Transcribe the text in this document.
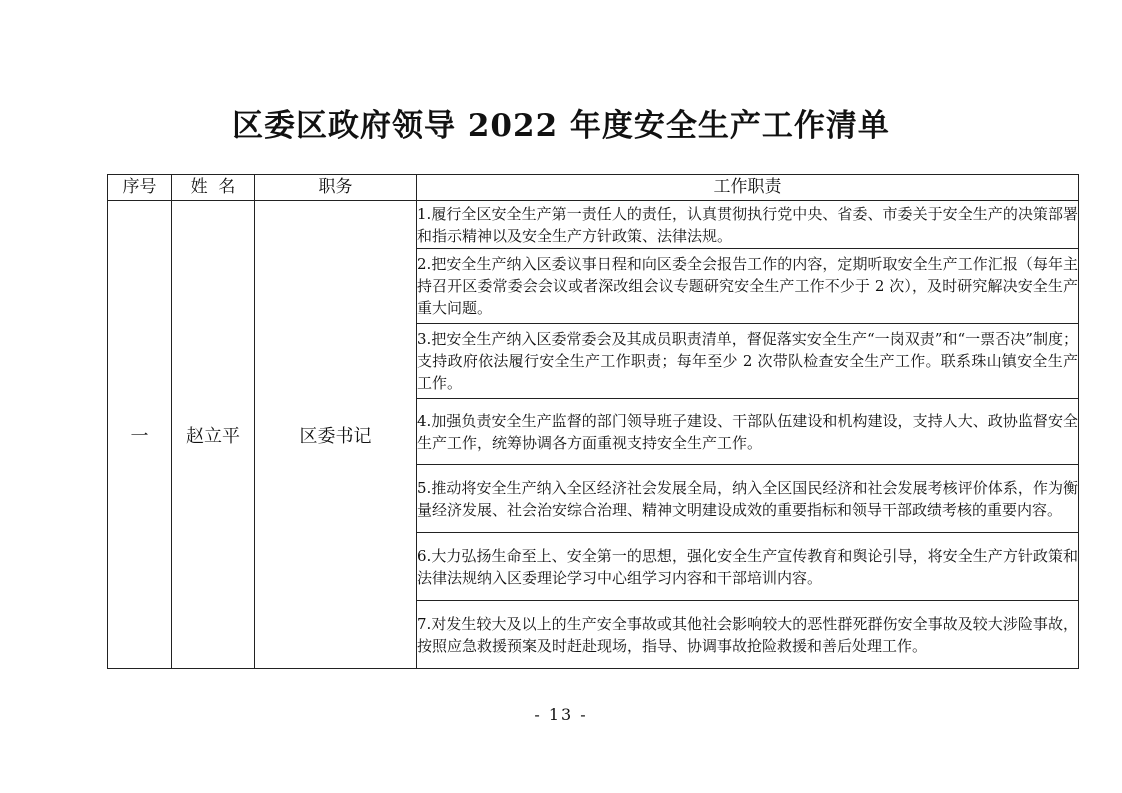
区委区政府领导 2022 年度安全生产工作清单
序号	姓  名	职务	工作职责
一	赵立平	区委书记	1.履行全区安全生产第一责任人的责任，认真贯彻执行党中央、省委、市委关于安全生产的决策部署和指示精神以及安全生产方针政策、法律法规。
			2.把安全生产纳入区委议事日程和向区委全会报告工作的内容，定期听取安全生产工作汇报（每年主持召开区委常委会会议或者深改组会议专题研究安全生产工作不少于 2 次），及时研究解决安全生产重大问题。
			3.把安全生产纳入区委常委会及其成员职责清单，督促落实安全生产“一岗双责”和“一票否决”制度；支持政府依法履行安全生产工作职责；每年至少 2 次带队检查安全生产工作。联系珠山镇安全生产工作。
			4.加强负责安全生产监督的部门领导班子建设、干部队伍建设和机构建设，支持人大、政协监督安全生产工作，统筹协调各方面重视支持安全生产工作。
			5.推动将安全生产纳入全区经济社会发展全局，纳入全区国民经济和社会发展考核评价体系，作为衡量经济发展、社会治安综合治理、精神文明建设成效的重要指标和领导干部政绩考核的重要内容。
			6.大力弘扬生命至上、安全第一的思想，强化安全生产宣传教育和舆论引导，将安全生产方针政策和法律法规纳入区委理论学习中心组学习内容和干部培训内容。
			7.对发生较大及以上的生产安全事故或其他社会影响较大的恶性群死群伤安全事故及较大涉险事故，按照应急救援预案及时赶赴现场，指导、协调事故抢险救援和善后处理工作。
- 13 -
